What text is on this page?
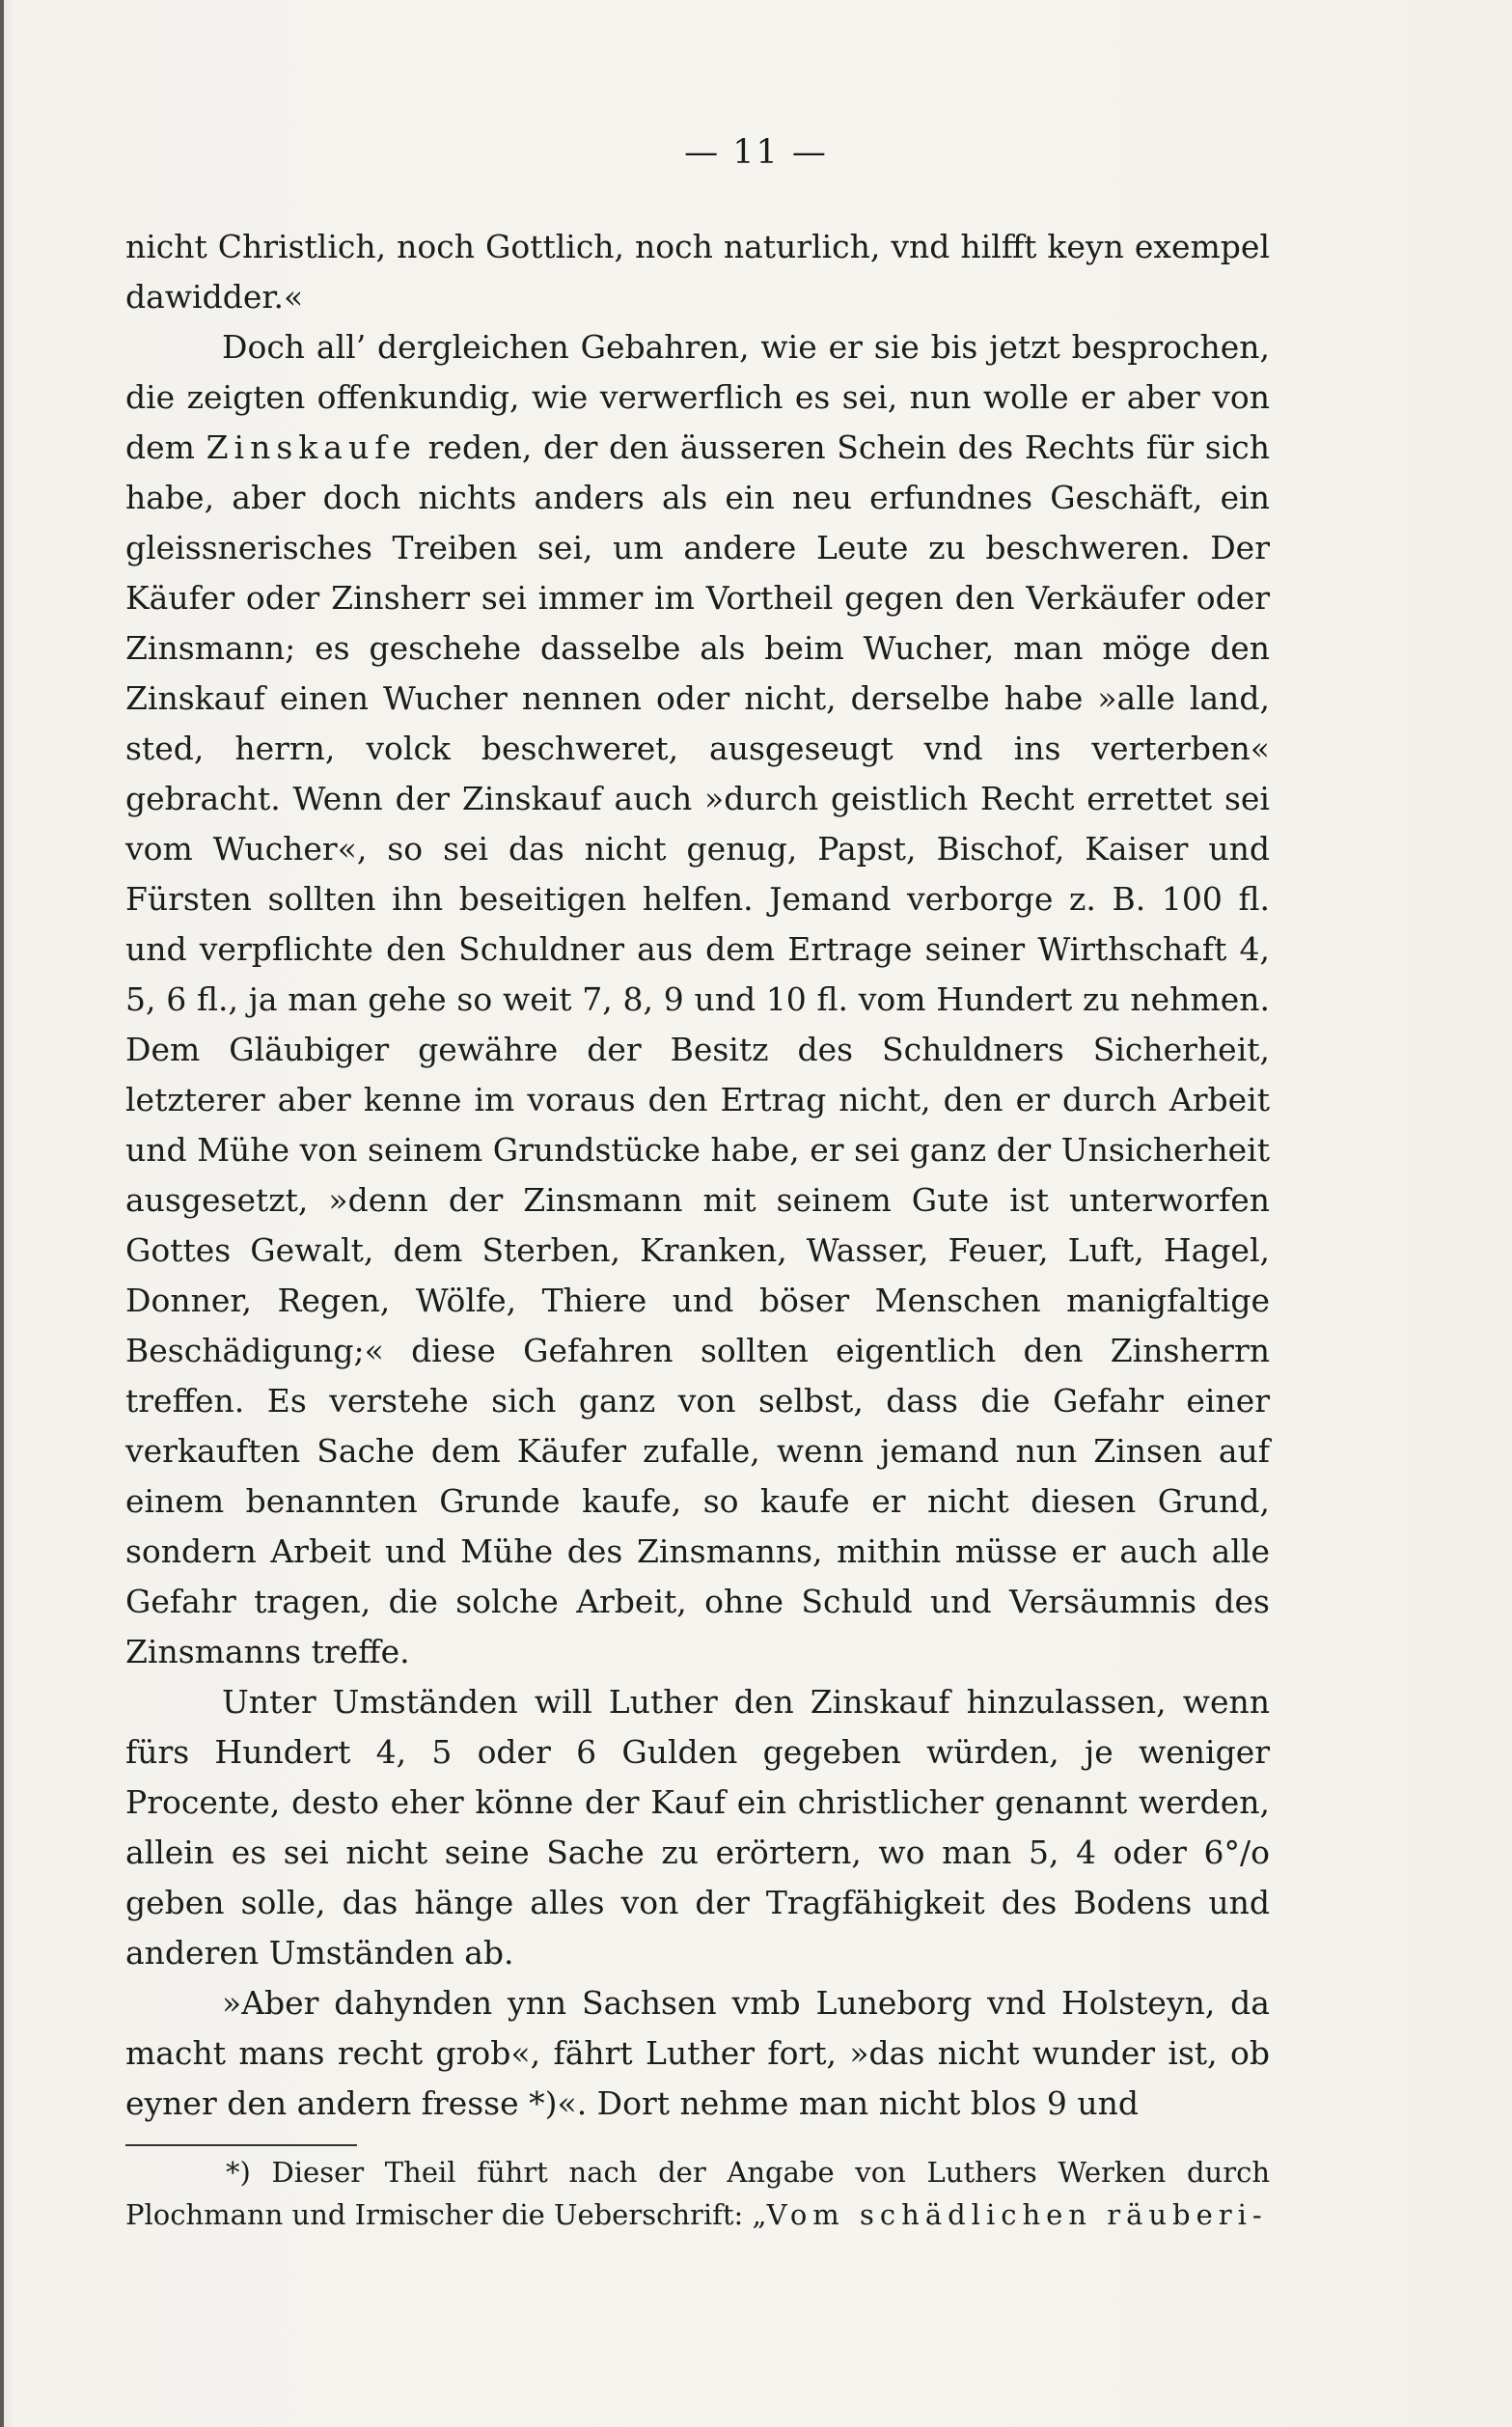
— 11 —

nicht Christlich, noch Gottlich, noch naturlich, vnd hilfft keyn exempel dawidder.«

Doch all’ dergleichen Gebahren, wie er sie bis jetzt besprochen, die zeigten offenkundig, wie verwerflich es sei, nun wolle er aber von dem Zinskaufe reden, der den äusseren Schein des Rechts für sich habe, aber doch nichts anders als ein neu erfundnes Geschäft, ein gleissnerisches Treiben sei, um andere Leute zu beschweren. Der Käufer oder Zinsherr sei immer im Vortheil gegen den Verkäufer oder Zinsmann; es geschehe dasselbe als beim Wucher, man möge den Zinskauf einen Wucher nennen oder nicht, derselbe habe »alle land, sted, herrn, volck beschweret, ausgeseugt vnd ins verterben« gebracht. Wenn der Zinskauf auch »durch geistlich Recht errettet sei vom Wucher«, so sei das nicht genug, Papst, Bischof, Kaiser und Fürsten sollten ihn beseitigen helfen. Jemand verborge z. B. 100 fl. und verpflichte den Schuldner aus dem Ertrage seiner Wirthschaft 4, 5, 6 fl., ja man gehe so weit 7, 8, 9 und 10 fl. vom Hundert zu nehmen. Dem Gläubiger gewähre der Besitz des Schuldners Sicherheit, letzterer aber kenne im voraus den Ertrag nicht, den er durch Arbeit und Mühe von seinem Grundstücke habe, er sei ganz der Unsicherheit ausgesetzt, »denn der Zinsmann mit seinem Gute ist unterworfen Gottes Gewalt, dem Sterben, Kranken, Wasser, Feuer, Luft, Hagel, Donner, Regen, Wölfe, Thiere und böser Menschen manigfaltige Beschädigung;« diese Gefahren sollten eigentlich den Zinsherrn treffen. Es verstehe sich ganz von selbst, dass die Gefahr einer verkauften Sache dem Käufer zufalle, wenn jemand nun Zinsen auf einem benannten Grunde kaufe, so kaufe er nicht diesen Grund, sondern Arbeit und Mühe des Zinsmanns, mithin müsse er auch alle Gefahr tragen, die solche Arbeit, ohne Schuld und Versäumnis des Zinsmanns treffe.

Unter Umständen will Luther den Zinskauf hinzulassen, wenn fürs Hundert 4, 5 oder 6 Gulden gegeben würden, je weniger Procente, desto eher könne der Kauf ein christlicher genannt werden, allein es sei nicht seine Sache zu erörtern, wo man 5, 4 oder 6°/o geben solle, das hänge alles von der Tragfähigkeit des Bodens und anderen Umständen ab.

»Aber dahynden ynn Sachsen vmb Luneborg vnd Holsteyn, da macht mans recht grob«, fährt Luther fort, »das nicht wunder ist, ob eyner den andern fresse *)«. Dort nehme man nicht blos 9 und

*) Dieser Theil führt nach der Angabe von Luthers Werken durch Plochmann und Irmischer die Ueberschrift: „Vom schädlichen räuberi-
